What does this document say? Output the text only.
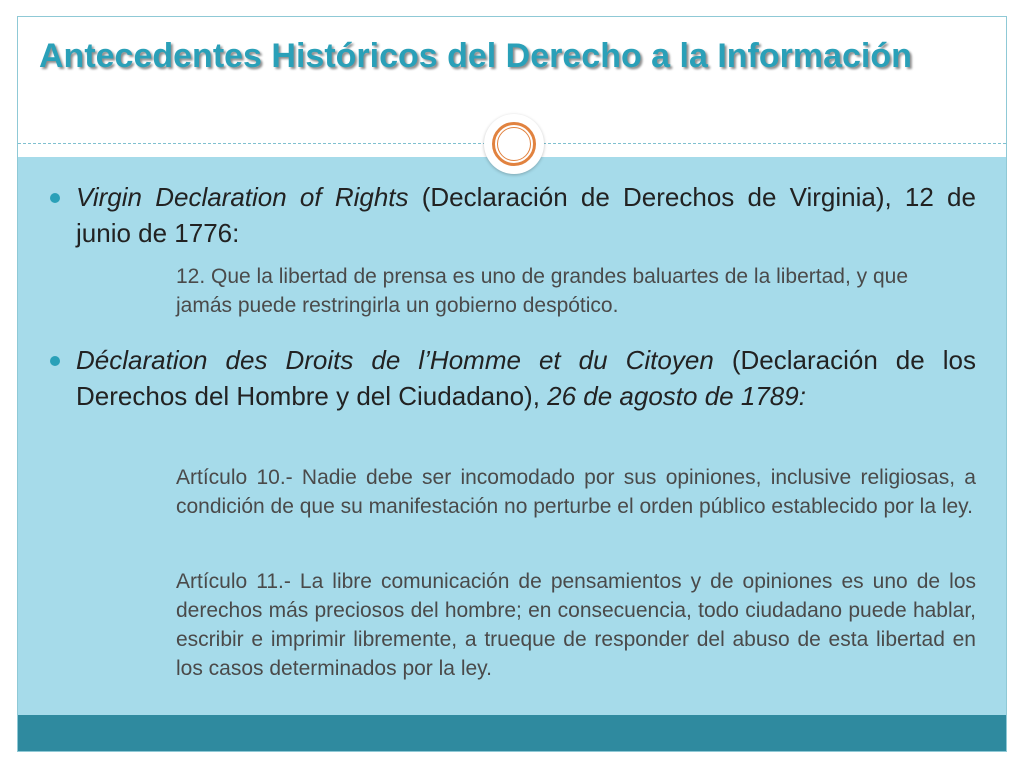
Antecedentes Históricos del Derecho a la Información

Virgin Declaration of Rights (Declaración de Derechos de Virginia), 12 de junio de 1776:

12. Que la libertad de prensa es uno de grandes baluartes de la libertad, y que jamás puede restringirla un gobierno despótico.

Déclaration des Droits de l’Homme et du Citoyen (Declaración de los Derechos del Hombre y del Ciudadano), 26 de agosto de 1789:

Artículo 10.- Nadie debe ser incomodado por sus opiniones, inclusive religiosas, a condición de que su manifestación no perturbe el orden público establecido por la ley.

Artículo 11.- La libre comunicación de pensamientos y de opiniones es uno de los derechos más preciosos del hombre; en consecuencia, todo ciudadano puede hablar, escribir e imprimir libremente, a trueque de responder del abuso de esta libertad en los casos determinados por la ley.
